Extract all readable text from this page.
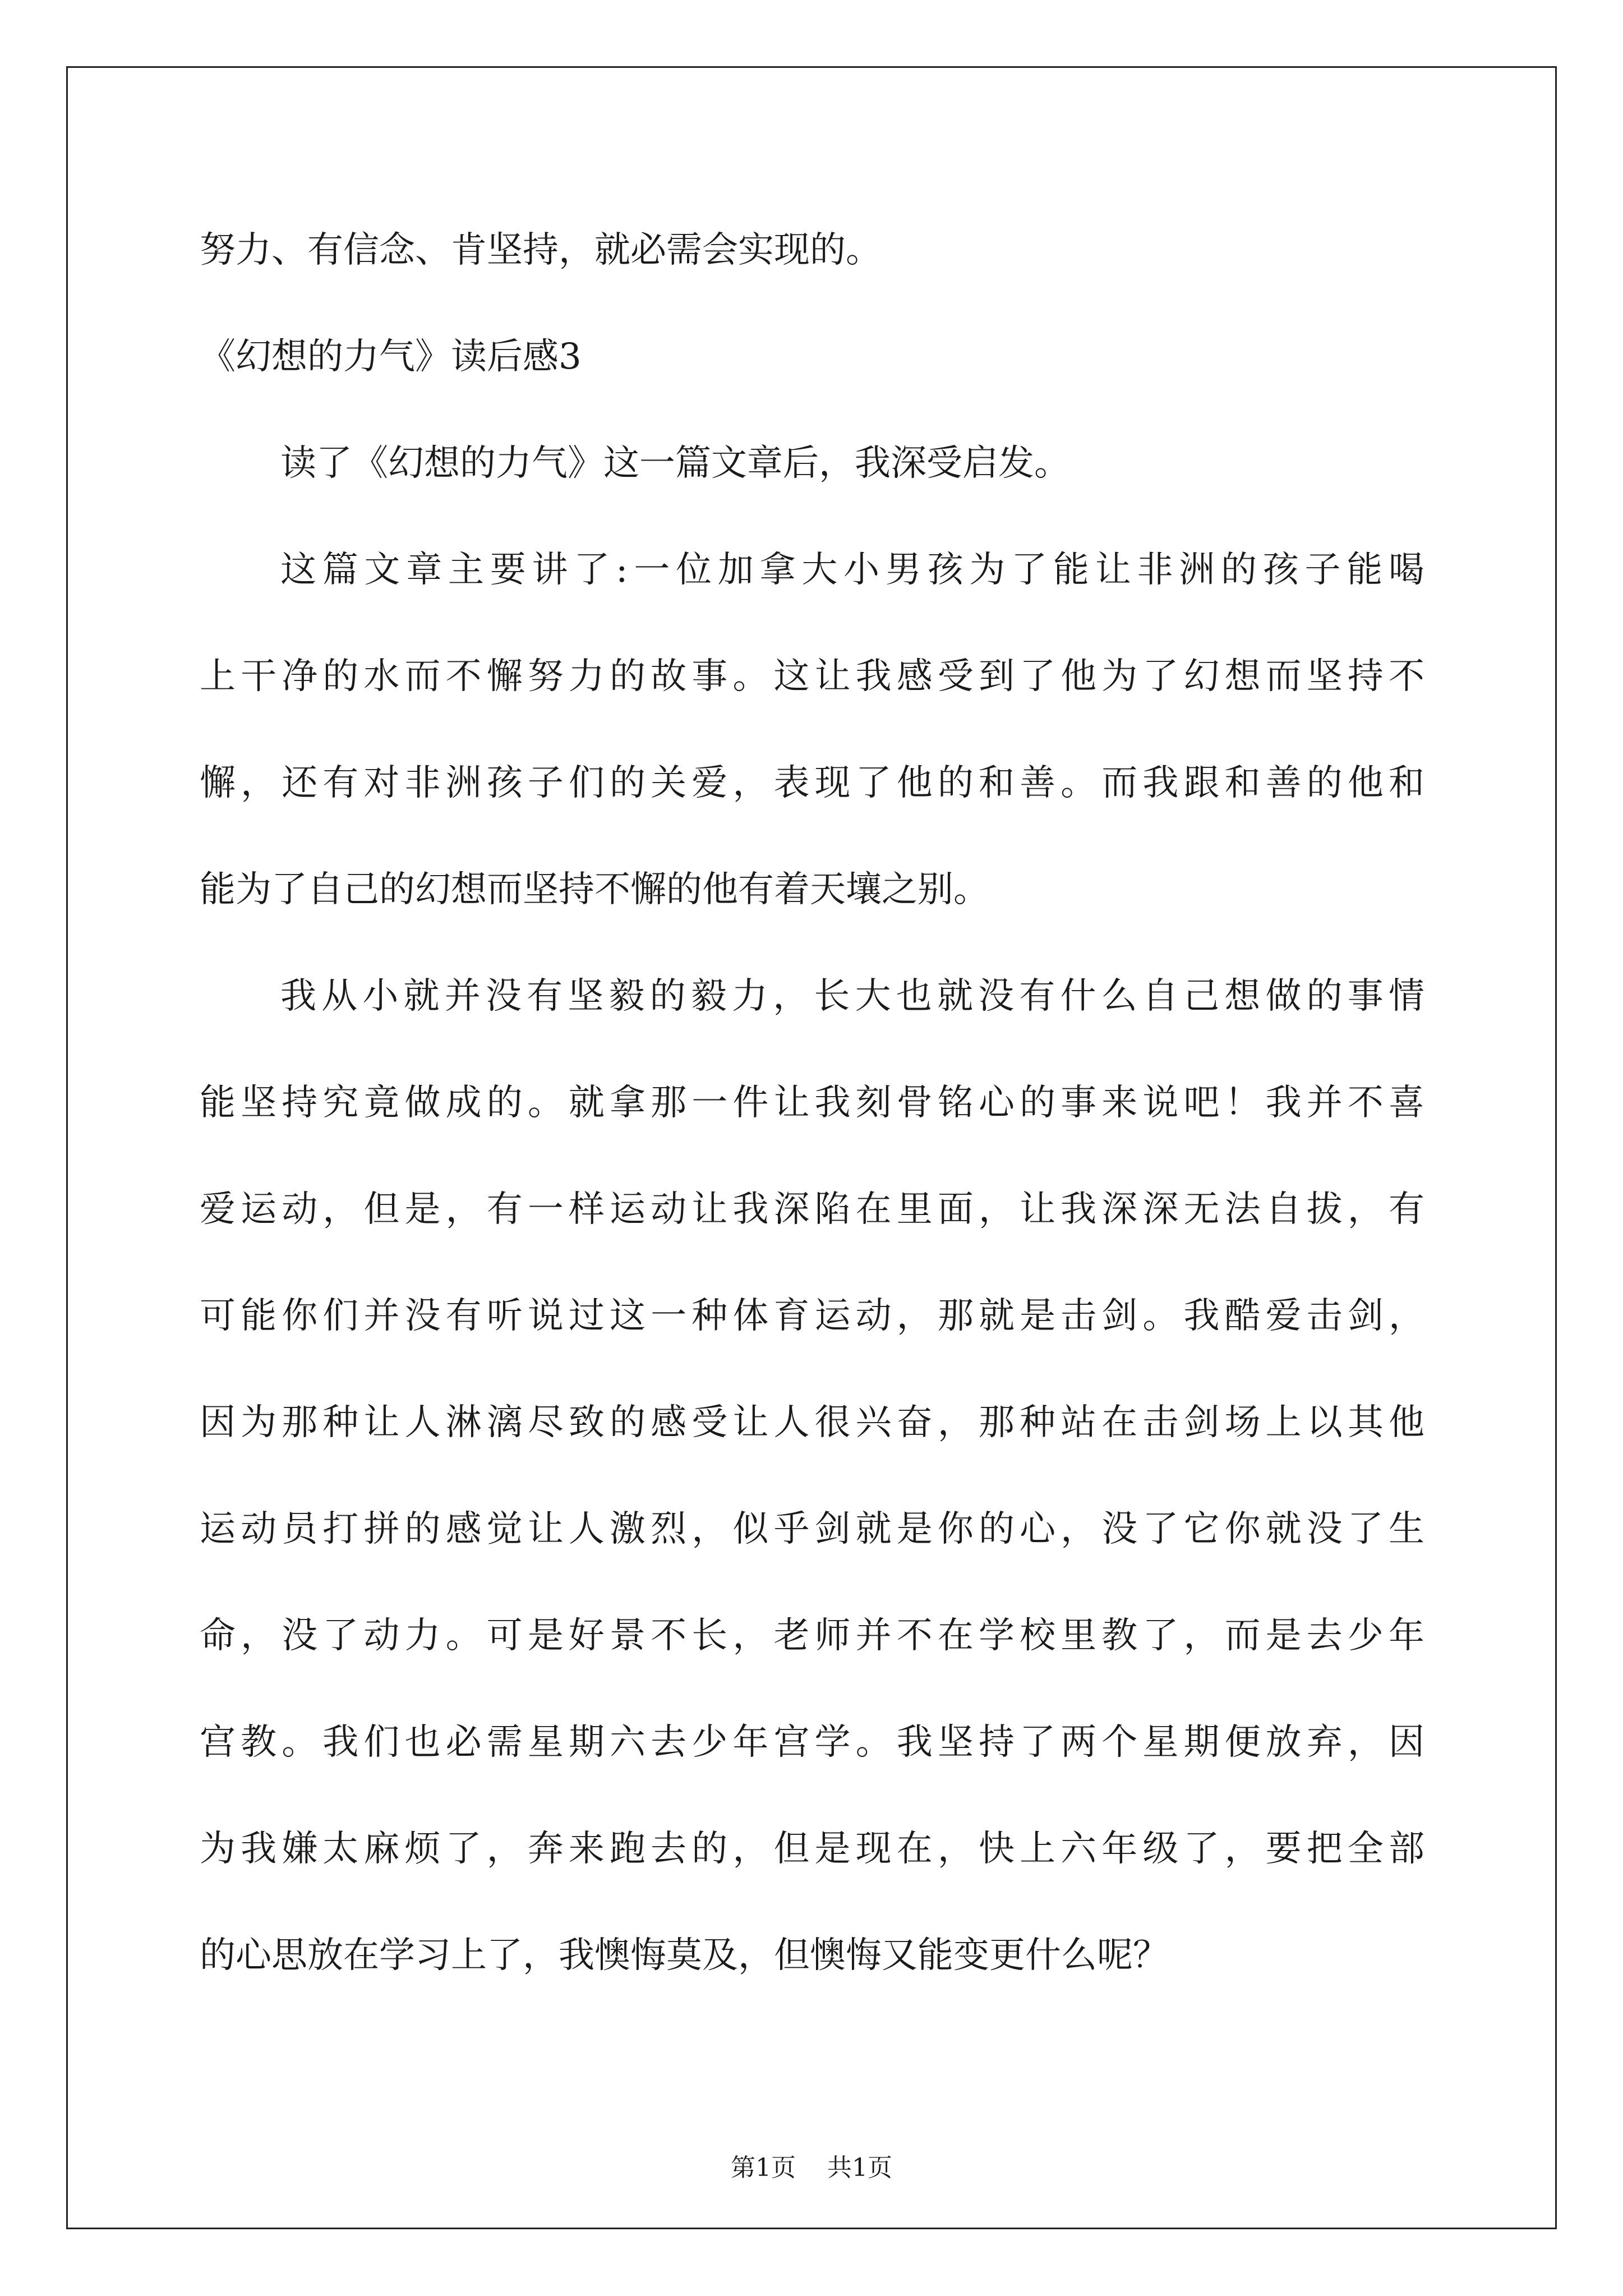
努力、有信念、肯坚持，就必需会实现的。
《幻想的力气》读后感3
读了《幻想的力气》这一篇文章后，我深受启发。
这篇文章主要讲了:一位加拿大小男孩为了能让非洲的孩子能喝
上干净的水而不懈努力的故事。这让我感受到了他为了幻想而坚持不
懈，还有对非洲孩子们的关爱，表现了他的和善。而我跟和善的他和
能为了自己的幻想而坚持不懈的他有着天壤之别。
我从小就并没有坚毅的毅力，长大也就没有什么自己想做的事情
能坚持究竟做成的。就拿那一件让我刻骨铭心的事来说吧！我并不喜
爱运动，但是，有一样运动让我深陷在里面，让我深深无法自拔，有
可能你们并没有听说过这一种体育运动，那就是击剑。我酷爱击剑，
因为那种让人淋漓尽致的感受让人很兴奋，那种站在击剑场上以其他
运动员打拼的感觉让人激烈，似乎剑就是你的心，没了它你就没了生
命，没了动力。可是好景不长，老师并不在学校里教了，而是去少年
宫教。我们也必需星期六去少年宫学。我坚持了两个星期便放弃，因
为我嫌太麻烦了，奔来跑去的，但是现在，快上六年级了，要把全部
的心思放在学习上了，我懊悔莫及，但懊悔又能变更什么呢？
第1页 共1页
